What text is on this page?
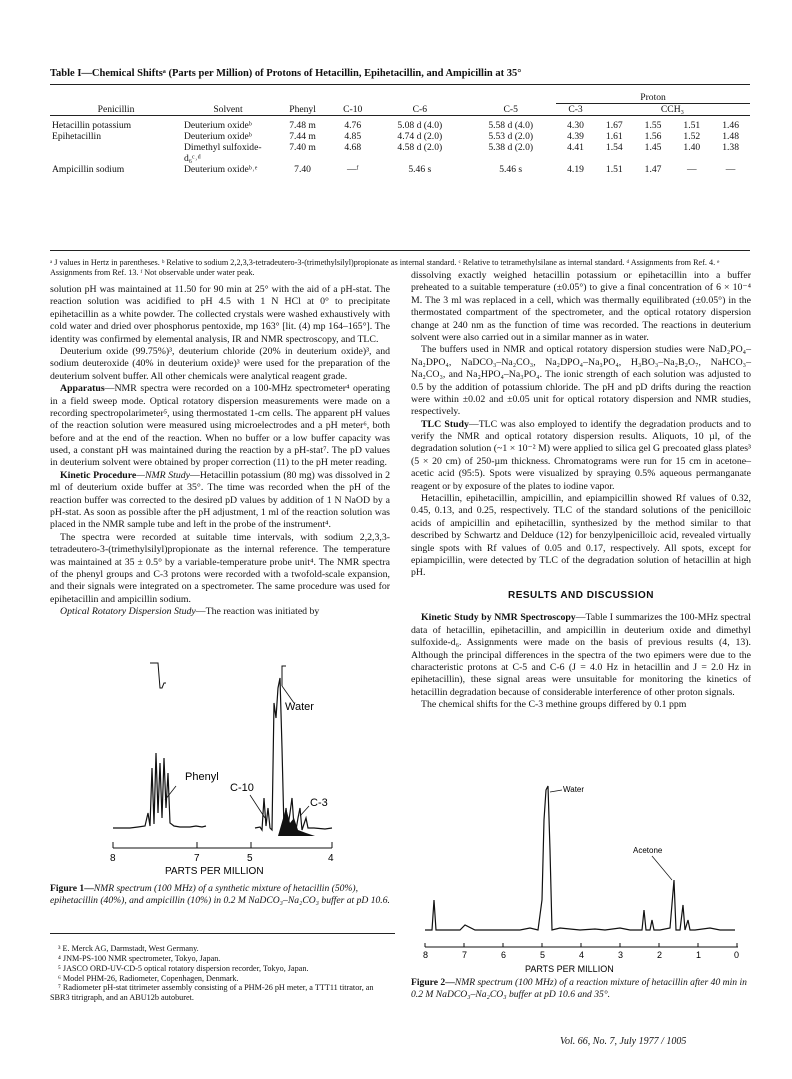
Table I—Chemical Shiftsᵃ (Parts per Million) of Protons of Hetacillin, Epihetacillin, and Ampicillin at 35°
						Proton				
Penicillin	Solvent	Phenyl	C-10	C-6	C-5	C-3	CCH₃			

Hetacillin potassium	Deuterium oxideᵇ	7.48 m	4.76	5.08 d (4.0)	5.58 d (4.0)	4.30	1.67	1.55	1.51	1.46
Epihetacillin	Deuterium oxideᵇ	7.44 m	4.85	4.74 d (2.0)	5.53 d (2.0)	4.39	1.61	1.56	1.52	1.48
	Dimethyl sulfoxide-d₆ᶜ˒ᵈ	7.40 m	4.68	4.58 d (2.0)	5.38 d (2.0)	4.41	1.54	1.45	1.40	1.38
Ampicillin sodium	Deuterium oxideᵇ˒ᵉ	7.40	—ᶠ	5.46 s	5.46 s	4.19	1.51	1.47	—	—
ᵃ J values in Hertz in parentheses. ᵇ Relative to sodium 2,2,3,3-tetradeutero-3-(trimethylsilyl)propionate as internal standard. ᶜ Relative to tetramethylsilane as internal standard. ᵈ Assignments from Ref. 4. ᵉ Assignments from Ref. 13. ᶠ Not observable under water peak.

solution pH was maintained at 11.50 for 90 min at 25° with the aid of a pH-stat. The reaction solution was acidified to pH 4.5 with 1 N HCl at 0° to precipitate epihetacillin as a white powder. The collected crystals were washed exhaustively with cold water and dried over phosphorus pentoxide, mp 163° [lit. (4) mp 164–165°]. The identity was confirmed by elemental analysis, IR and NMR spectroscopy, and TLC.

Deuterium oxide (99.75%)³, deuterium chloride (20% in deuterium oxide)³, and sodium deuteroxide (40% in deuterium oxide)³ were used for the preparation of the deuterium solvent buffer. All other chemicals were analytical reagent grade.

Apparatus—NMR spectra were recorded on a 100-MHz spectrometer⁴ operating in a field sweep mode. Optical rotatory dispersion measurements were made on a recording spectropolarimeter⁵, using thermostated 1-cm cells. The apparent pH values of the reaction solution were measured using microelectrodes and a pH meter⁶, both before and at the end of the reaction. When no buffer or a low buffer capacity was used, a constant pH was maintained during the reaction by a pH-stat⁷. The pD values in deuterium solvent were obtained by proper correction (11) to the pH meter reading.

Kinetic Procedure—NMR Study—Hetacillin potassium (80 mg) was dissolved in 2 ml of deuterium oxide buffer at 35°. The time was recorded when the pH of the reaction buffer was corrected to the desired pD values by addition of 1 N NaOD by a pH-stat. As soon as possible after the pH adjustment, 1 ml of the reaction solution was placed in the NMR sample tube and left in the probe of the instrument⁴.

The spectra were recorded at suitable time intervals, with sodium 2,2,3,3-tetradeutero-3-(trimethylsilyl)propionate as the internal reference. The temperature was maintained at 35 ± 0.5° by a variable-temperature probe unit⁴. The NMR spectra of the phenyl groups and C-3 protons were recorded with a twofold-scale expansion, and their signals were integrated on a spectrometer. The same procedure was used for epihetacillin and ampicillin sodium.

Optical Rotatory Dispersion Study—The reaction was initiated by

Water
Phenyl
C-10
C-3
8	7	5	4
PARTS PER MILLION
Figure 1—NMR spectrum (100 MHz) of a synthetic mixture of hetacillin (50%), epihetacillin (40%), and ampicillin (10%) in 0.2 M NaDCO₃–Na₂CO₃ buffer at pD 10.6.
³ E. Merck AG, Darmstadt, West Germany.
⁴ JNM-PS-100 NMR spectrometer, Tokyo, Japan.
⁵ JASCO ORD-UV-CD-5 optical rotatory dispersion recorder, Tokyo, Japan.
⁶ Model PHM-26, Radiometer, Copenhagen, Denmark.
⁷ Radiometer pH-stat titrimeter assembly consisting of a PHM-26 pH meter, a TTT11 titrator, an SBR3 titrigraph, and an ABU12b autoburet.

dissolving exactly weighed hetacillin potassium or epihetacillin into a buffer preheated to a suitable temperature (±0.05°) to give a final concentration of 6 × 10⁻⁴ M. The 3 ml was replaced in a cell, which was thermally equilibrated (±0.05°) in the thermostated compartment of the spectrometer, and the optical rotatory dispersion change at 240 nm as the function of time was recorded. The reactions in deuterium solvent were also carried out in a similar manner as in water.

The buffers used in NMR and optical rotatory dispersion studies were NaD₂PO₄–Na₂DPO₄, NaDCO₃–Na₂CO₃, Na₂DPO₄–Na₃PO₄, H₃BO₃–Na₂B₂O₇, NaHCO₃–Na₂CO₃, and Na₂HPO₄–Na₃PO₄. The ionic strength of each solution was adjusted to 0.5 by the addition of potassium chloride. The pH and pD drifts during the reaction were within ±0.02 and ±0.05 unit for optical rotatory dispersion and NMR studies, respectively.

TLC Study—TLC was also employed to identify the degradation products and to verify the NMR and optical rotatory dispersion results. Aliquots, 10 µl, of the degradation solution (~1 × 10⁻² M) were applied to silica gel G precoated glass plates³ (5 × 20 cm) of 250-µm thickness. Chromatograms were run for 15 cm in acetone–acetic acid (95:5). Spots were visualized by spraying 0.5% aqueous permanganate reagent or by exposure of the plates to iodine vapor.

Hetacillin, epihetacillin, ampicillin, and epiampicillin showed Rf values of 0.32, 0.45, 0.13, and 0.25, respectively. TLC of the standard solutions of the penicilloic acids of ampicillin and epihetacillin, synthesized by the method similar to that described by Schwartz and Delduce (12) for benzylpenicilloic acid, revealed virtually single spots with Rf values of 0.05 and 0.17, respectively. All spots, except for epiampicillin, were detected by TLC of the degradation solution of hetacillin at high pH.

RESULTS AND DISCUSSION

Kinetic Study by NMR Spectroscopy—Table I summarizes the 100-MHz spectral data of hetacillin, epihetacillin, and ampicillin in deuterium oxide and dimethyl sulfoxide-d₆. Assignments were made on the basis of previous results (4, 13). Although the principal differences in the spectra of the two epimers were due to the characteristic protons at C-5 and C-6 (J = 4.0 Hz in hetacillin and J = 2.0 Hz in epihetacillin), these signal areas were unsuitable for monitoring the kinetics of hetacillin degradation because of considerable interference of other proton signals.

The chemical shifts for the C-3 methine groups differed by 0.1 ppm

Water
Acetone
8	7	6	5	4	3	2	1	0
PARTS PER MILLION
Figure 2—NMR spectrum (100 MHz) of a reaction mixture of hetacillin after 40 min in 0.2 M NaDCO₃–Na₂CO₃ buffer at pD 10.6 and 35°.
Vol. 66, No. 7, July 1977 / 1005
